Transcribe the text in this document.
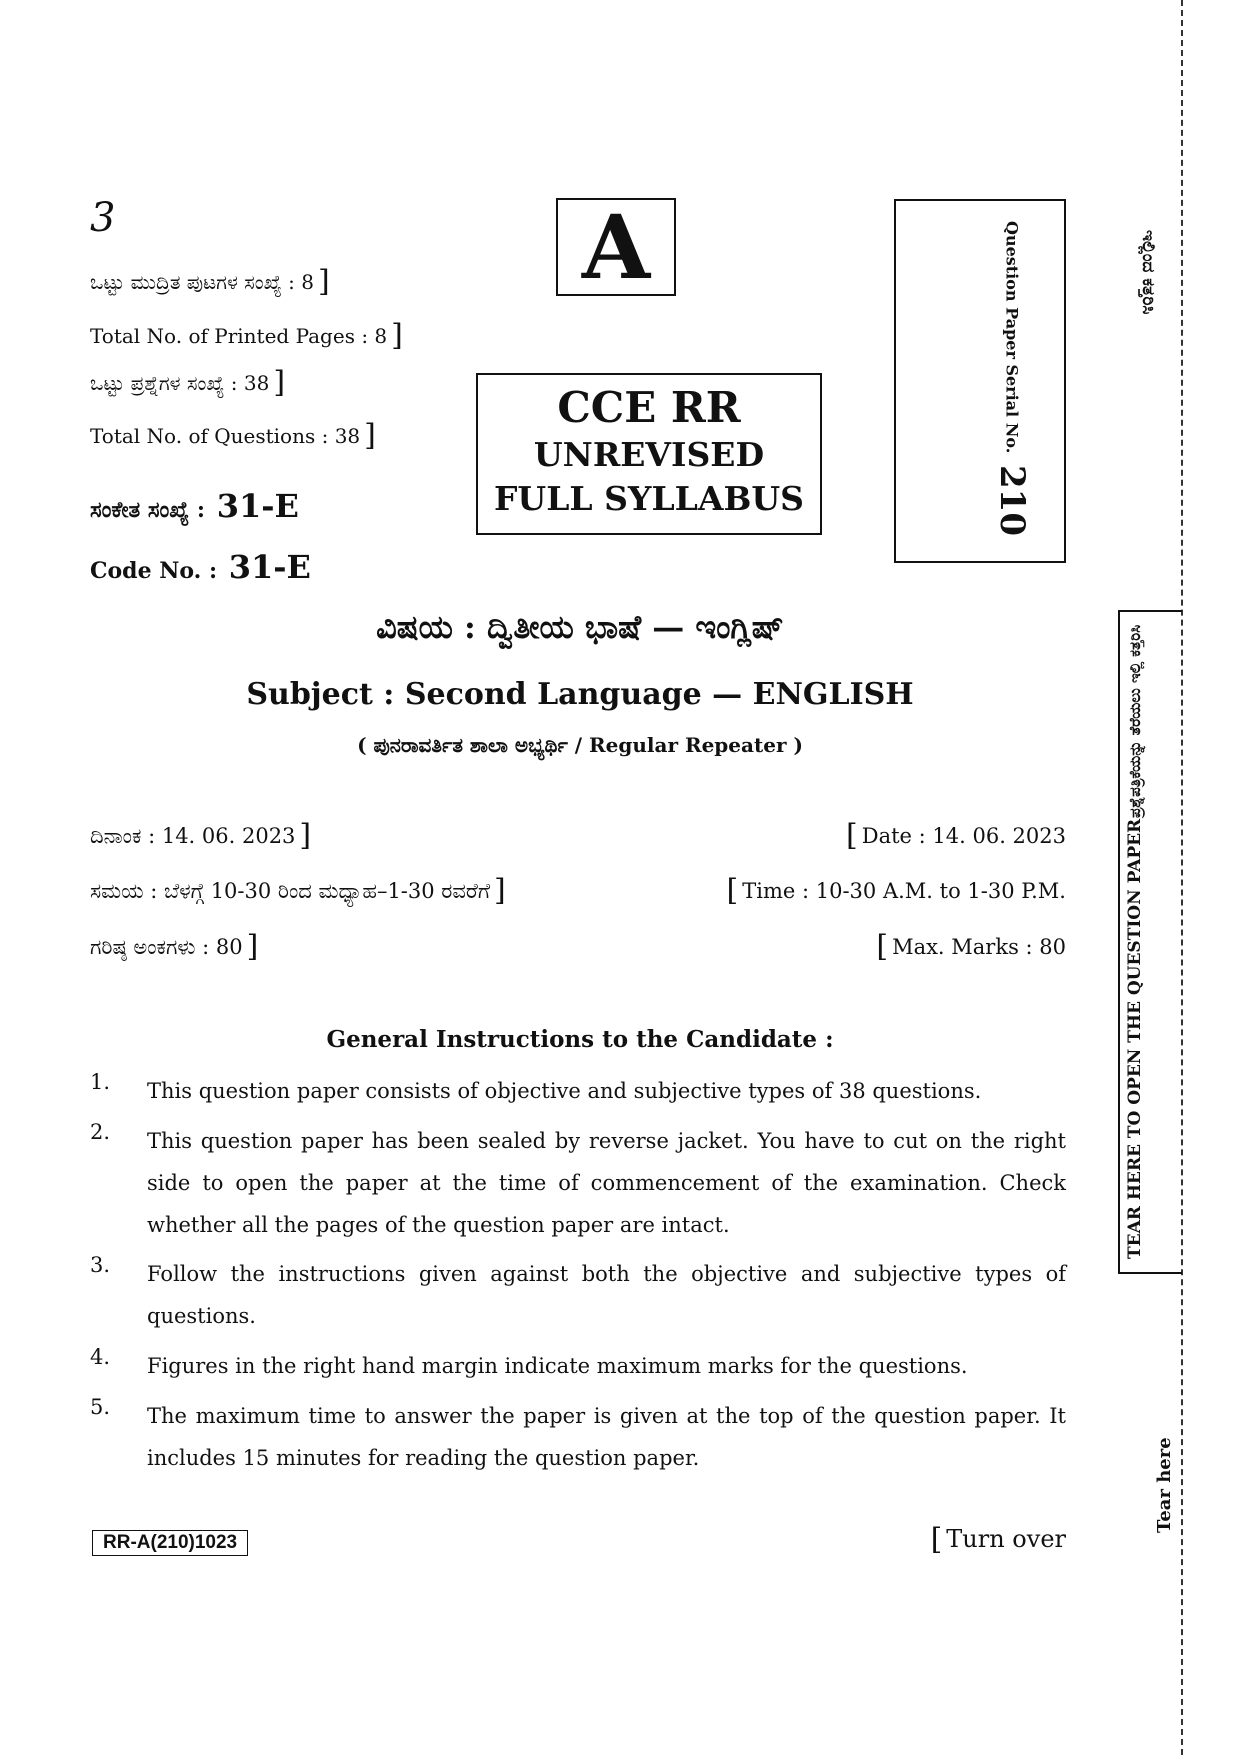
3
ಒಟ್ಟು ಮುದ್ರಿತ ಪುಟಗಳ ಸಂಖ್ಯೆ : 8 ]
Total No. of Printed Pages : 8 ]
ಒಟ್ಟು ಪ್ರಶ್ನೆಗಳ ಸಂಖ್ಯೆ : 38 ]
Total No. of Questions : 38 ]
A
CCE RR
UNREVISED
FULL SYLLABUS
Question Paper Serial No.
210
ಸಂಕೇತ ಸಂಖ್ಯೆ : 31-E
Code No. : 31-E
ವಿಷಯ : ದ್ವಿತೀಯ ಭಾಷೆ — ಇಂಗ್ಲಿಷ್
Subject : Second Language — ENGLISH
( ಪುನರಾವರ್ತಿತ ಶಾಲಾ ಅಭ್ಯರ್ಥಿ / Regular Repeater )
ದಿನಾಂಕ : 14. 06. 2023 ]	[ Date : 14. 06. 2023
ಸಮಯ : ಬೆಳಗ್ಗೆ 10-30 ರಿಂದ ಮಧ್ಯಾಹ–1-30 ರವರೆಗೆ ]	[ Time : 10-30 A.M. to 1-30 P.M.
ಗರಿಷ್ಠ ಅಂಕಗಳು : 80 ]	[ Max. Marks : 80
General Instructions to the Candidate :
1. This question paper consists of objective and subjective types of 38 questions.
2. This question paper has been sealed by reverse jacket. You have to cut on the right side to open the paper at the time of commencement of the examination. Check whether all the pages of the question paper are intact.
3. Follow the instructions given against both the objective and subjective types of questions.
4. Figures in the right hand margin indicate maximum marks for the questions.
5. The maximum time to answer the paper is given at the top of the question paper. It includes 15 minutes for reading the question paper.
RR-A(210)1023	[ Turn over
ಇಲ್ಲಿಂದ ಕತ್ತರಿಸಿ
TEAR HERE TO OPEN THE QUESTION PAPER
ಪ್ರಶ್ನೆಪತ್ರಿಕೆಯನ್ನು ತೆರೆಯಲು ಇಲ್ಲಿ ಕತ್ತರಿಸಿ
Tear here
